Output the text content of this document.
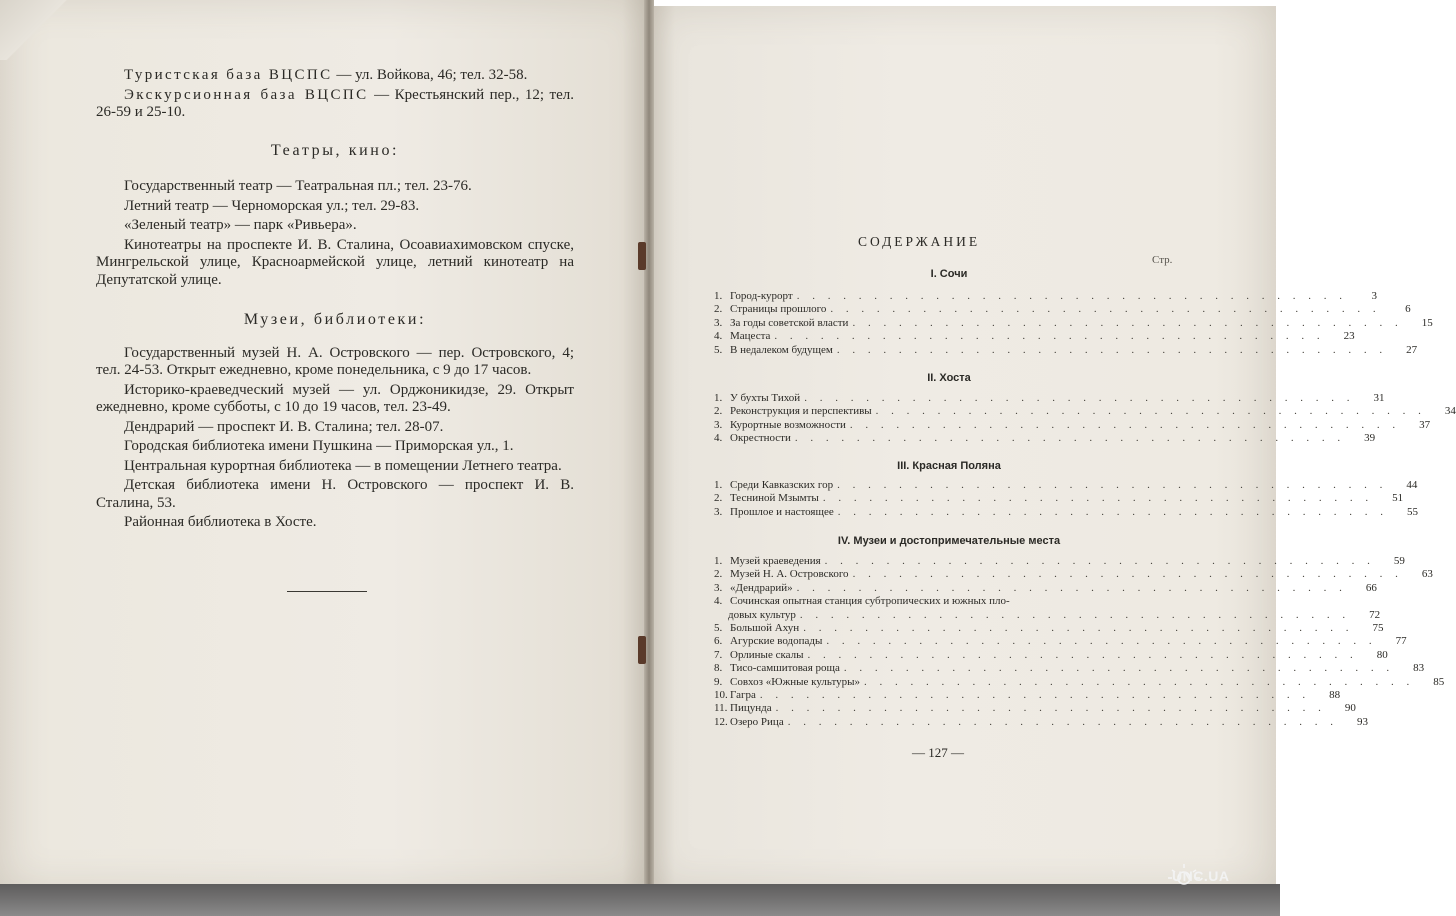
Туристская база ВЦСПС — ул. Войкова, 46; тел. 32-58.

Экскурсионная база ВЦСПС — Крестьянский пер., 12; тел. 26-59 и 25-10.

Театры, кино:

Государственный театр — Театральная пл.; тел. 23-76.

Летний театр — Черноморская ул.; тел. 29-83.

«Зеленый театр» — парк «Ривьера».

Кинотеатры на проспекте И. В. Сталина, Осоавиахимовском спуске, Мингрельской улице, Красноармейской улице, летний кинотеатр на Депутатской улице.

Музеи, библиотеки:

Государственный музей Н. А. Островского — пер. Островского, 4; тел. 24-53. Открыт ежедневно, кроме понедельника, с 9 до 17 часов.

Историко-краеведческий музей — ул. Орджоникидзе, 29. Открыт ежедневно, кроме субботы, с 10 до 19 часов, тел. 23-49.

Дендрарий — проспект И. В. Сталина; тел. 28-07.

Городская библиотека имени Пушкина — Приморская ул., 1.

Центральная курортная библиотека — в помещении Летнего театра.

Детская библиотека имени Н. Островского — проспект И. В. Сталина, 53.

Районная библиотека в Хосте.

СОДЕРЖАНИЕ
Стр.
I. Сочи
1. Город-курорт . . . . . . . . . . . . . . . . . . . . . . . . . . . . . . . . . . . .	3
2. Страницы прошлого . . . . . . . . . . . . . . . . . . . . . . . . . . . . . . . . . . . .	6
3. За годы советской власти . . . . . . . . . . . . . . . . . . . . . . . . . . . . . . . . . . . .	15
4. Мацеста . . . . . . . . . . . . . . . . . . . . . . . . . . . . . . . . . . . .	23
5. В недалеком будущем . . . . . . . . . . . . . . . . . . . . . . . . . . . . . . . . . . . .	27
II. Хоста
1. У бухты Тихой . . . . . . . . . . . . . . . . . . . . . . . . . . . . . . . . . . . .	31
2. Реконструкция и перспективы . . . . . . . . . . . . . . . . . . . . . . . . . . . . . . . . . . . .	34
3. Курортные возможности . . . . . . . . . . . . . . . . . . . . . . . . . . . . . . . . . . . .	37
4. Окрестности . . . . . . . . . . . . . . . . . . . . . . . . . . . . . . . . . . . .	39
III. Красная Поляна
1. Среди Кавказских гор . . . . . . . . . . . . . . . . . . . . . . . . . . . . . . . . . . . .	44
2. Тесниной Мзымты . . . . . . . . . . . . . . . . . . . . . . . . . . . . . . . . . . . .	51
3. Прошлое и настоящее . . . . . . . . . . . . . . . . . . . . . . . . . . . . . . . . . . . .	55
IV. Музеи и достопримечательные места
1. Музей краеведения . . . . . . . . . . . . . . . . . . . . . . . . . . . . . . . . . . . .	59
2. Музей Н. А. Островского . . . . . . . . . . . . . . . . . . . . . . . . . . . . . . . . . . . .	63
3. «Дендрарий» . . . . . . . . . . . . . . . . . . . . . . . . . . . . . . . . . . . .	66
4. Сочинская опытная станция субтропических и южных пло-
довых культур . . . . . . . . . . . . . . . . . . . . . . . . . . . . . . . . . . . .	72
5. Большой Ахун . . . . . . . . . . . . . . . . . . . . . . . . . . . . . . . . . . . .	75
6. Агурские водопады . . . . . . . . . . . . . . . . . . . . . . . . . . . . . . . . . . . .	77
7. Орлиные скалы . . . . . . . . . . . . . . . . . . . . . . . . . . . . . . . . . . . .	80
8. Тисо-самшитовая роща . . . . . . . . . . . . . . . . . . . . . . . . . . . . . . . . . . . .	83
9. Совхоз «Южные культуры» . . . . . . . . . . . . . . . . . . . . . . . . . . . . . . . . . . . .	85
10. Гагра . . . . . . . . . . . . . . . . . . . . . . . . . . . . . . . . . . . .	88
11. Пицунда . . . . . . . . . . . . . . . . . . . . . . . . . . . . . . . . . . . .	90
12. Озеро Рица . . . . . . . . . . . . . . . . . . . . . . . . . . . . . . . . . . . .	93
— 127 —
UNC.UA
